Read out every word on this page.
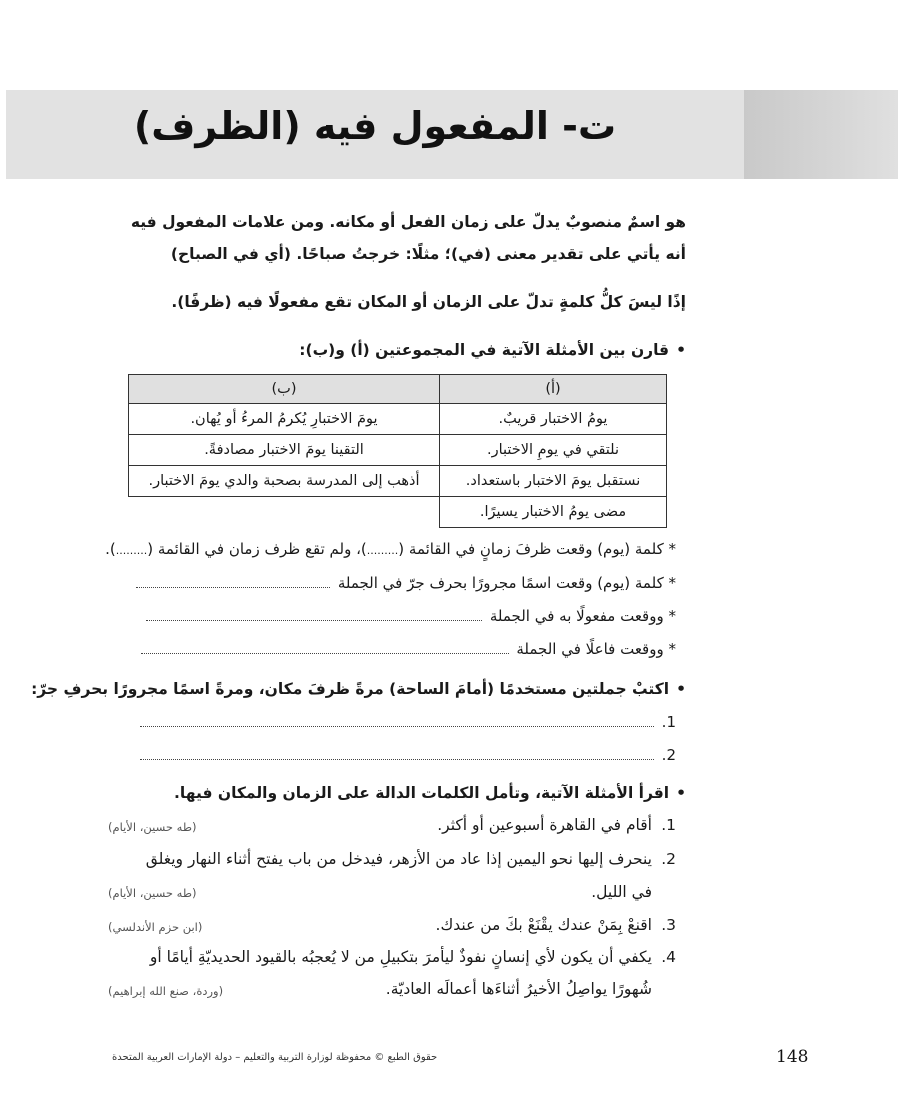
ت- المفعول فيه (الظرف)
هو اسمٌ منصوبٌ يدلّ على زمان الفعل أو مكانه. ومن علامات المفعول فيه أنه يأتي على تقدير معنى (في)؛ مثلًا: خرجتُ صباحًا. (أي في الصباح)
إذًا ليسَ كلُّ كلمةٍ تدلّ على الزمان أو المكان تقع مفعولًا فيه (ظرفًا).
• قارن بين الأمثلة الآتية في المجموعتين (أ) و(ب):
(أ)	(ب)
يومُ الاختبار قريبٌ.	يومَ الاختبارِ يُكرمُ المرءُ أو يُهان.
نلتقي في يومِ الاختبار.	التقينا يومَ الاختبار مصادفةً.
نستقبل يومَ الاختبار باستعداد.	أذهب إلى المدرسة بصحبة والدي يومَ الاختبار.
مضى يومُ الاختبار يسيرًا.	
* كلمة (يوم) وقعت ظرفَ زمانٍ في القائمة (.........)، ولم تقع ظرف زمان في القائمة (.........).
* كلمة (يوم) وقعت اسمًا مجرورًا بحرف جرّ في الجملة
* ووقعت مفعولًا به في الجملة
* ووقعت فاعلًا في الجملة
• اكتبْ جملتين مستخدمًا (أمامَ الساحة) مرةً ظرفَ مكان، ومرةً اسمًا مجرورًا بحرفِ جرّ:
1.
2.
• اقرأ الأمثلة الآتية، وتأمل الكلمات الدالة على الزمان والمكان فيها.
1.أقام في القاهرة أسبوعين أو أكثر.
(طه حسين، الأيام)
2.ينحرف إليها نحو اليمين إذا عاد من الأزهر، فيدخل من باب يفتح أثناء النهار ويغلق
في الليل.
(طه حسين، الأيام)
3.اقنعْ بِمَنْ عندك يقْنَعْ بكَ من عندك.
(ابن حزم الأندلسي)
4.يكفي أن يكون لأي إنسانٍ نفوذٌ ليأمرَ بتكبيلِ من لا يُعجبُه بالقيود الحديديّةِ أيامًا أو
شُهورًا يواصِلُ الأخيرُ أثناءَها أعمالَه العاديّة.
(وردة، صنع الله إبراهيم)
حقوق الطبع © محفوظة لوزارة التربية والتعليم – دولة الإمارات العربية المتحدة	148
